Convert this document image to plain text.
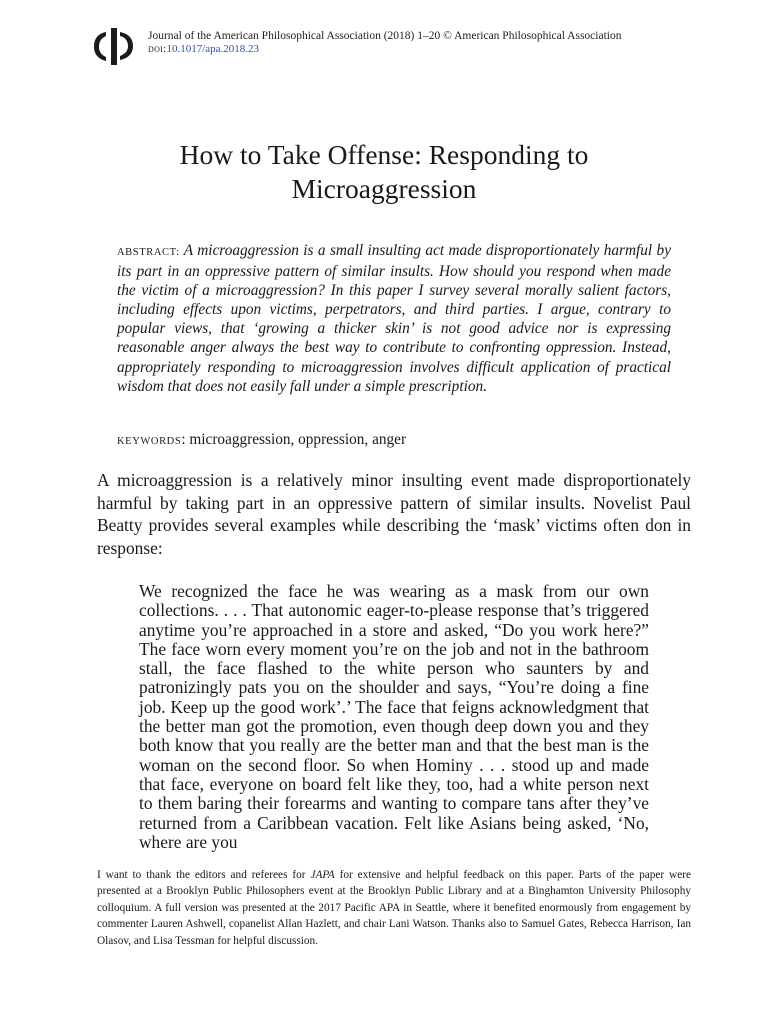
Journal of the American Philosophical Association (2018) 1–20 © American Philosophical Association
doi:10.1017/apa.2018.23
How to Take Offense: Responding to Microaggression
ABSTRACT: A microaggression is a small insulting act made disproportionately harmful by its part in an oppressive pattern of similar insults. How should you respond when made the victim of a microaggression? In this paper I survey several morally salient factors, including effects upon victims, perpetrators, and third parties. I argue, contrary to popular views, that ‘growing a thicker skin’ is not good advice nor is expressing reasonable anger always the best way to contribute to confronting oppression. Instead, appropriately responding to microaggression involves difficult application of practical wisdom that does not easily fall under a simple prescription.
KEYWORDS: microaggression, oppression, anger

A microaggression is a relatively minor insulting event made disproportionately harmful by taking part in an oppressive pattern of similar insults. Novelist Paul Beatty provides several examples while describing the ‘mask’ victims often don in response:

We recognized the face he was wearing as a mask from our own collections. . . . That autonomic eager-to-please response that’s triggered anytime you’re approached in a store and asked, “Do you work here?” The face worn every moment you’re on the job and not in the bathroom stall, the face flashed to the white person who saunters by and patronizingly pats you on the shoulder and says, “You’re doing a fine job. Keep up the good work’.’ The face that feigns acknowledgment that the better man got the promotion, even though deep down you and they both know that you really are the better man and that the best man is the woman on the second floor. So when Hominy . . . stood up and made that face, everyone on board felt like they, too, had a white person next to them baring their forearms and wanting to compare tans after they’ve returned from a Caribbean vacation. Felt like Asians being asked, ‘No, where are you
I want to thank the editors and referees for JAPA for extensive and helpful feedback on this paper. Parts of the paper were presented at a Brooklyn Public Philosophers event at the Brooklyn Public Library and at a Binghamton University Philosophy colloquium. A full version was presented at the 2017 Pacific APA in Seattle, where it benefited enormously from engagement by commenter Lauren Ashwell, copanelist Allan Hazlett, and chair Lani Watson. Thanks also to Samuel Gates, Rebecca Harrison, Ian Olasov, and Lisa Tessman for helpful discussion.
